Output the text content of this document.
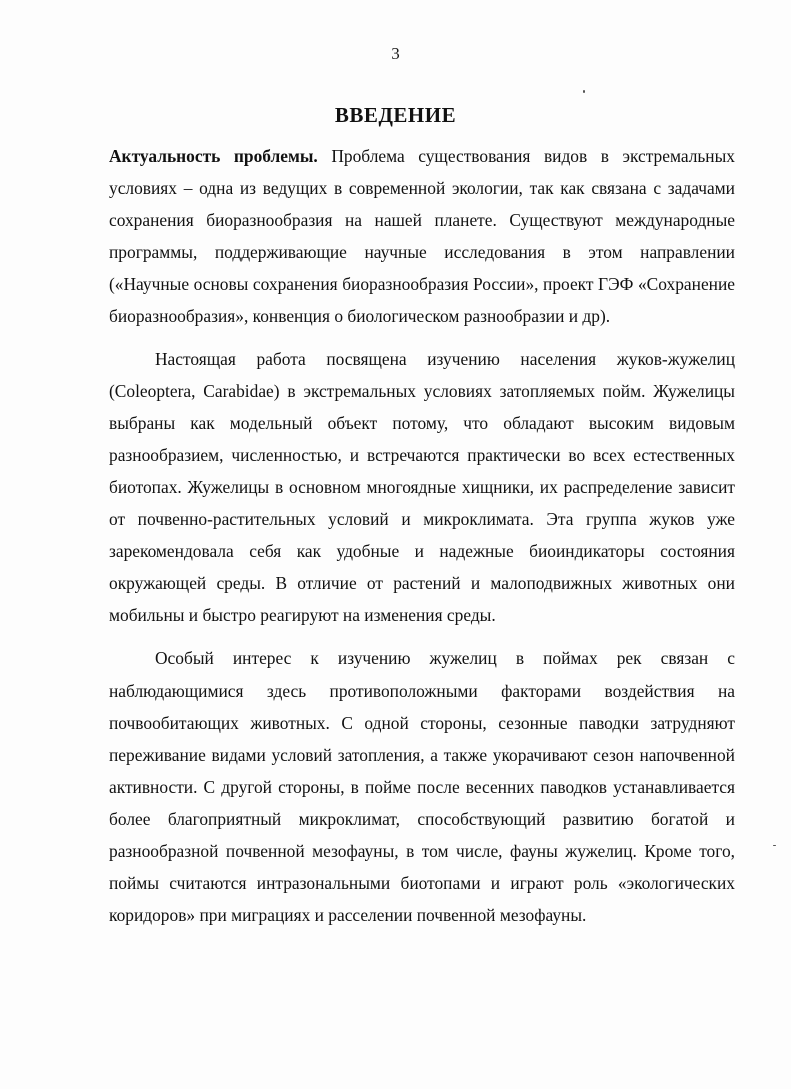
3
ВВЕДЕНИЕ

Актуальность проблемы. Проблема существования видов в экстремальных условиях – одна из ведущих в современной экологии, так как связана с задачами сохранения биоразнообразия на нашей планете. Существуют международные программы, поддерживающие научные исследования в этом направлении («Научные основы сохранения биоразнообразия России», проект ГЭФ «Сохранение биоразнообразия», конвенция о биологическом разнообразии и др).

Настоящая работа посвящена изучению населения жуков-жужелиц (Coleoptera, Carabidae) в экстремальных условиях затопляемых пойм. Жужелицы выбраны как модельный объект потому, что обладают высоким видовым разнообразием, численностью, и встречаются практически во всех естественных биотопах. Жужелицы в основном многоядные хищники, их распределение зависит от почвенно-растительных условий и микроклимата. Эта группа жуков уже зарекомендовала себя как удобные и надежные биоиндикаторы состояния окружающей среды. В отличие от растений и малоподвижных животных они мобильны и быстро реагируют на изменения среды.

Особый интерес к изучению жужелиц в поймах рек связан с наблюдающимися здесь противоположными факторами воздействия на почвообитающих животных. С одной стороны, сезонные паводки затрудняют переживание видами условий затопления, а также укорачивают сезон напочвенной активности. С другой стороны, в пойме после весенних паводков устанавливается более благоприятный микроклимат, способствующий развитию богатой и разнообразной почвенной мезофауны, в том числе, фауны жужелиц. Кроме того, поймы считаются интразональными биотопами и играют роль «экологических коридоров» при миграциях и расселении почвенной мезофауны.
